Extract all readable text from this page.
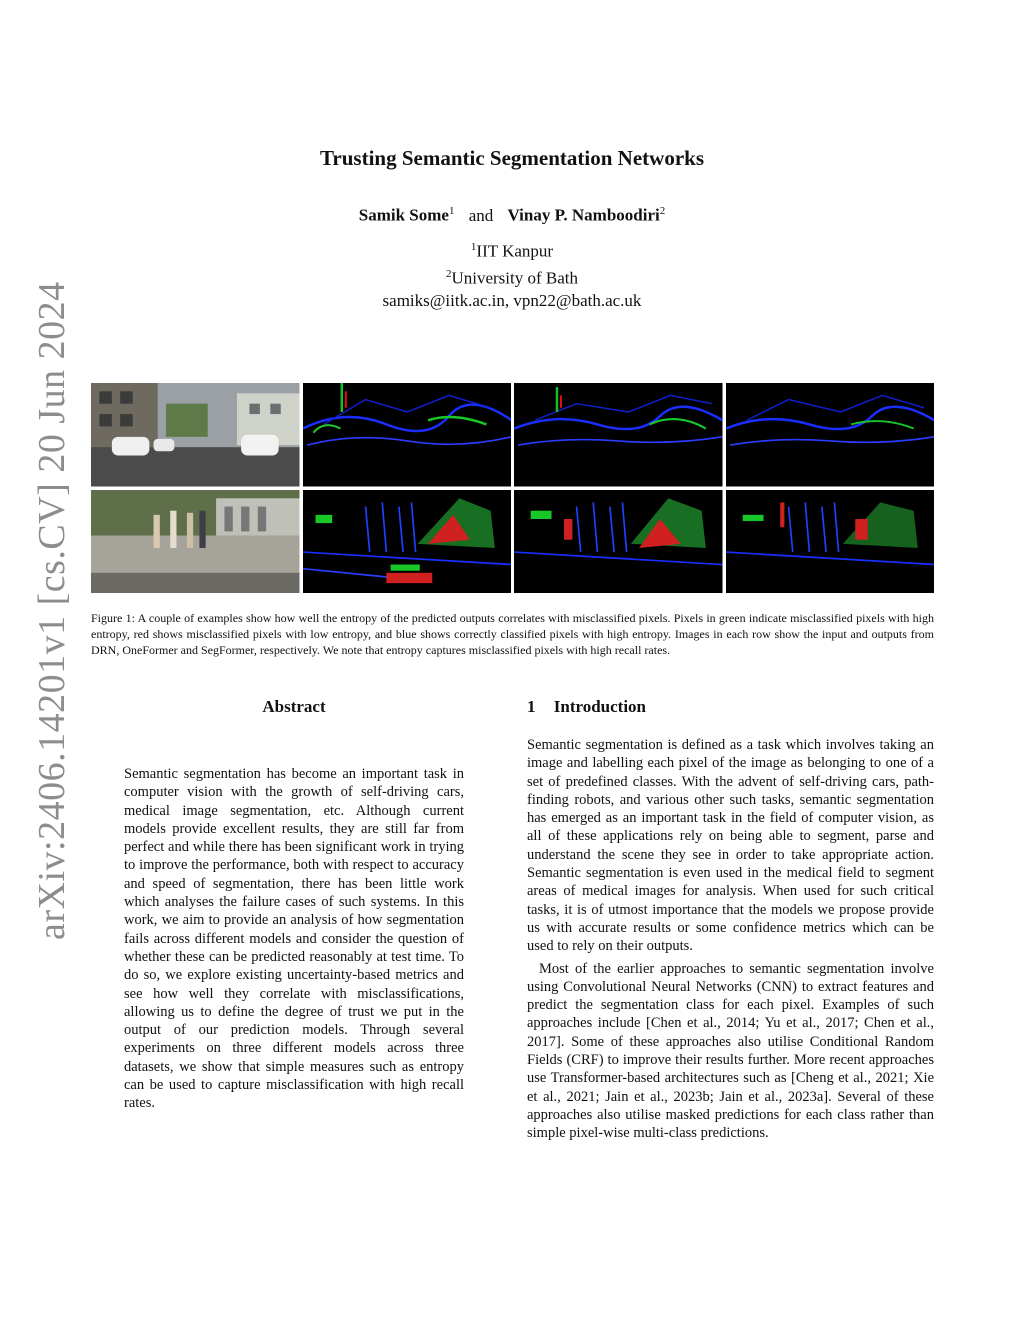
arXiv:2406.14201v1 [cs.CV] 20 Jun 2024
Trusting Semantic Segmentation Networks
Samik Some$^1$ and Vinay P. Namboodiri$^2$
$^1$IIT Kanpur
$^2$University of Bath
samiks@iitk.ac.in, vpn22@bath.ac.uk
Figure 1: A couple of examples show how well the entropy of the predicted outputs correlates with misclassified pixels. Pixels in green indicate misclassified pixels with high entropy, red shows misclassified pixels with low entropy, and blue shows correctly classified pixels with high entropy. Images in each row show the input and outputs from DRN, OneFormer and SegFormer, respectively. We note that entropy captures misclassified pixels with high recall rates.
Abstract

Semantic segmentation has become an important task in computer vision with the growth of self-driving cars, medical image segmentation, etc. Although current models provide excellent results, they are still far from perfect and while there has been significant work in trying to improve the performance, both with respect to accuracy and speed of segmentation, there has been little work which analyses the failure cases of such systems. In this work, we aim to provide an analysis of how segmentation fails across different models and consider the question of whether these can be predicted reasonably at test time. To do so, we explore existing uncertainty-based metrics and see how well they correlate with misclassifications, allowing us to define the degree of trust we put in the output of our prediction models. Through several experiments on three different models across three datasets, we show that simple measures such as entropy can be used to capture misclassification with high recall rates.

1 Introduction

Semantic segmentation is defined as a task which involves taking an image and labelling each pixel of the image as belonging to one of a set of predefined classes. With the advent of self-driving cars, path-finding robots, and various other such tasks, semantic segmentation has emerged as an important task in the field of computer vision, as all of these applications rely on being able to segment, parse and understand the scene they see in order to take appropriate action. Semantic segmentation is even used in the medical field to segment areas of medical images for analysis. When used for such critical tasks, it is of utmost importance that the models we propose provide us with accurate results or some confidence metrics which can be used to rely on their outputs.

Most of the earlier approaches to semantic segmentation involve using Convolutional Neural Networks (CNN) to extract features and predict the segmentation class for each pixel. Examples of such approaches include [Chen et al., 2014; Yu et al., 2017; Chen et al., 2017]. Some of these approaches also utilise Conditional Random Fields (CRF) to improve their results further. More recent approaches use Transformer-based architectures such as [Cheng et al., 2021; Xie et al., 2021; Jain et al., 2023b; Jain et al., 2023a]. Several of these approaches also utilise masked predictions for each class rather than simple pixel-wise multi-class predictions.
